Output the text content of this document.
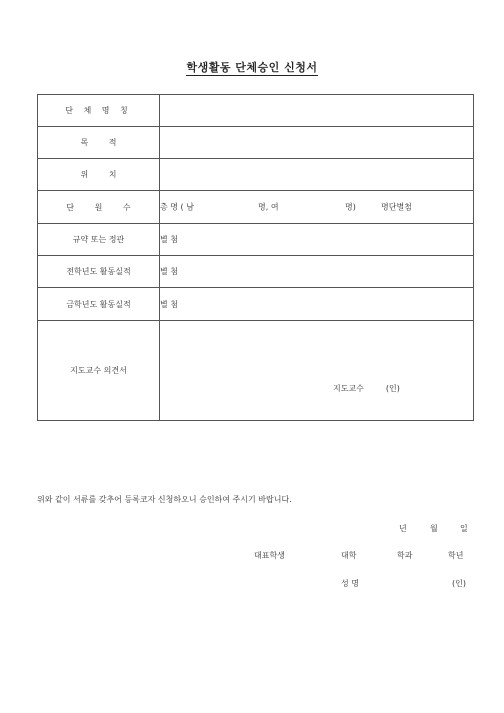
학생활동 단체승인 신청서
단 체 명 칭	
목 적	
위 치	
단 원 수	총 명 ( 남 명, 여 명) 명단별첨

규약 또는 정관	별 첨
전학년도 활동실적	별 첨
금학년도 활동실적	별 첨
지도교수 의견서	지도교수 (인)
위와 같이 서류를 갖추어 등록코자 신청하오니 승인하여 주시기 바랍니다.
년	월	일
대표학생	대학	학과	학년
성 명	(인)
